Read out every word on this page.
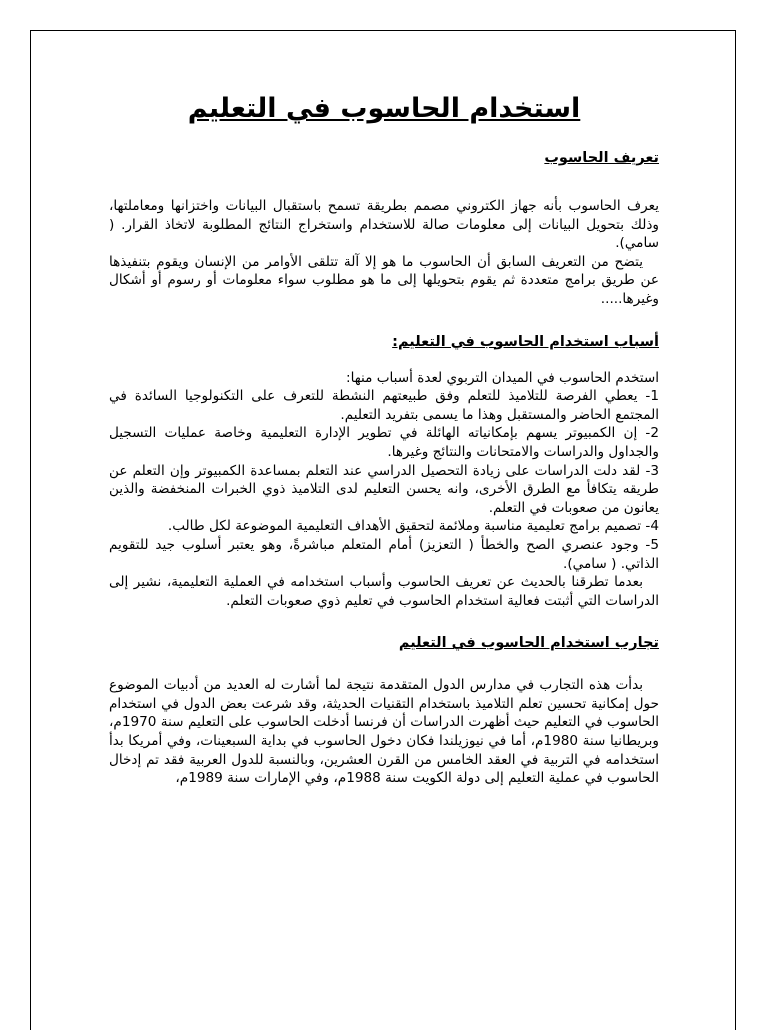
استخدام الحاسوب في التعليم
تعريف الحاسوب

يعرف الحاسوب بأنه جهاز الكتروني مصمم بطريقة تسمح باستقبال البيانات واختزانها ومعاملتها، وذلك بتحويل البيانات إلى معلومات صالة للاستخدام واستخراج النتائج المطلوبة لاتخاذ القرار. ( سامي).

يتضح من التعريف السابق أن الحاسوب ما هو إلا آلة تتلقى الأوامر من الإنسان ويقوم بتنفيذها عن طريق برامج متعددة ثم يقوم بتحويلها إلى ما هو مطلوب سواء معلومات أو رسوم أو أشكال وغيرها.....

أسباب استخدام الحاسوب في التعليم:

استخدم الحاسوب في الميدان التربوي لعدة أسباب منها:

1- يعطي الفرصة للتلاميذ للتعلم وفق طبيعتهم النشطة للتعرف على التكنولوجيا السائدة في المجتمع الحاضر والمستقبل وهذا ما يسمى بتفريد التعليم.

2- إن الكمبيوتر يسهم بإمكانياته الهائلة في تطوير الإدارة التعليمية وخاصة عمليات التسجيل والجداول والدراسات والامتحانات والنتائج وغيرها.

3- لقد دلت الدراسات على زيادة التحصيل الدراسي عند التعلم بمساعدة الكمبيوتر وإن التعلم عن طريقه يتكافأ مع الطرق الأخرى، وانه يحسن التعليم لدى التلاميذ ذوي الخبرات المنخفضة والذين يعانون من صعوبات في التعلم.

4- تصميم برامج تعليمية مناسبة وملائمة لتحقيق الأهداف التعليمية الموضوعة لكل طالب.

5- وجود عنصري الصح والخطأ ( التعزيز) أمام المتعلم مباشرةً، وهو يعتبر أسلوب جيد للتقويم الذاتي. ( سامي).

بعدما تطرقنا بالحديث عن تعريف الحاسوب وأسباب استخدامه في العملية التعليمية، نشير إلى الدراسات التي أثبتت فعالية استخدام الحاسوب في تعليم ذوي صعوبات التعلم.

تجارب استخدام الحاسوب في التعليم

بدأت هذه التجارب في مدارس الدول المتقدمة نتيجة لما أشارت له العديد من أدبيات الموضوع حول إمكانية تحسين تعلم التلاميذ باستخدام التقنيات الحديثة، وقد شرعت بعض الدول في استخدام الحاسوب في التعليم حيث أظهرت الدراسات أن فرنسا أدخلت الحاسوب على التعليم سنة 1970م، وبريطانيا سنة 1980م، أما في نيوزيلندا فكان دخول الحاسوب في بداية السبعينات، وفي أمريكا بدأ استخدامه في التربية في العقد الخامس من القرن العشرين، وبالنسبة للدول العربية فقد تم إدخال الحاسوب في عملية التعليم إلى دولة الكويت سنة 1988م، وفي الإمارات سنة 1989م،
